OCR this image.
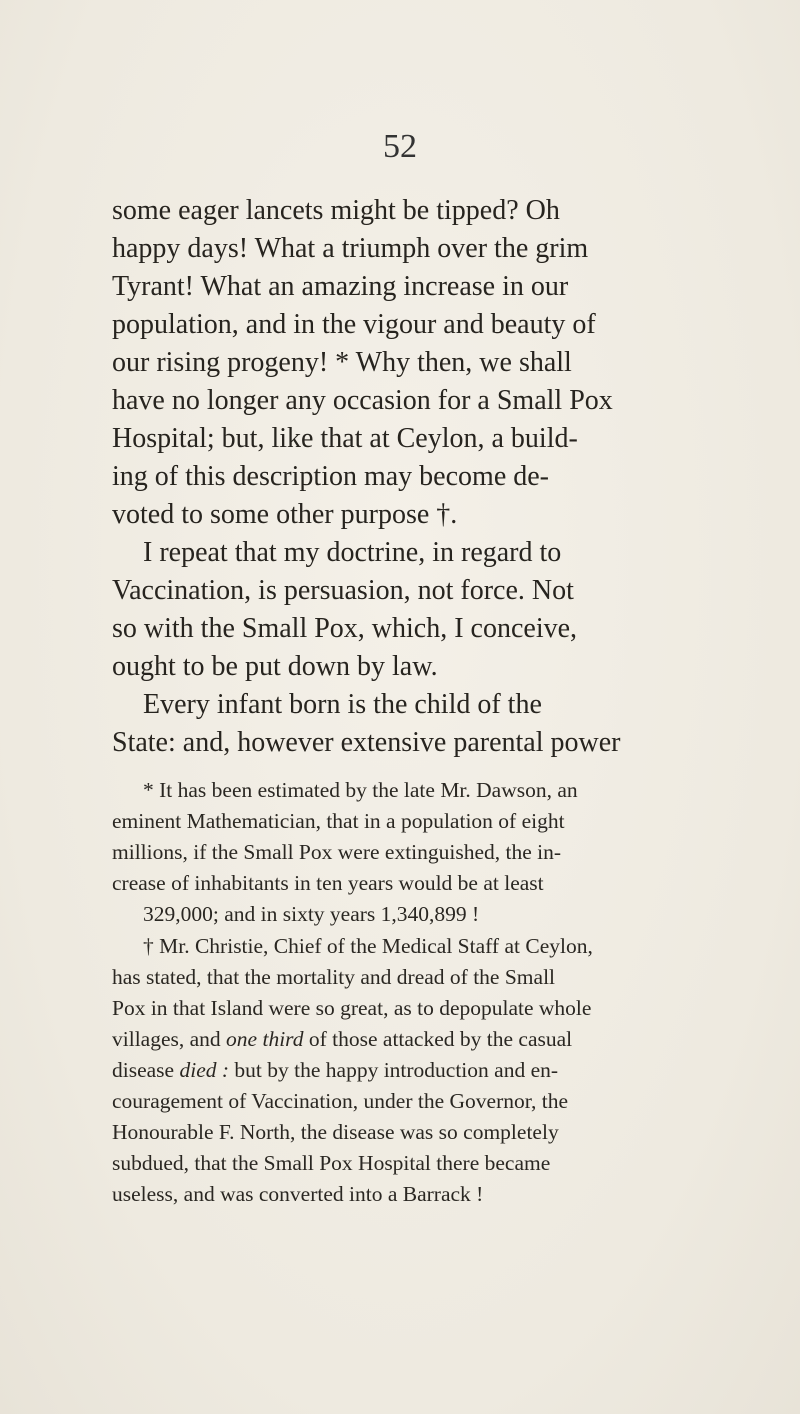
52
some eager lancets might be tipped? Oh
happy days! What a triumph over the grim
Tyrant! What an amazing increase in our
population, and in the vigour and beauty of
our rising progeny! * Why then, we shall
have no longer any occasion for a Small Pox
Hospital; but, like that at Ceylon, a build-
ing of this description may become de-
voted to some other purpose †.
I repeat that my doctrine, in regard to
Vaccination, is persuasion, not force. Not
so with the Small Pox, which, I conceive,
ought to be put down by law.
Every infant born is the child of the
State: and, however extensive parental power
* It has been estimated by the late Mr. Dawson, an
eminent Mathematician, that in a population of eight
millions, if the Small Pox were extinguished, the in-
crease of inhabitants in ten years would be at least
329,000; and in sixty years 1,340,899 !
† Mr. Christie, Chief of the Medical Staff at Ceylon,
has stated, that the mortality and dread of the Small
Pox in that Island were so great, as to depopulate whole
villages, and one third of those attacked by the casual
disease died : but by the happy introduction and en-
couragement of Vaccination, under the Governor, the
Honourable F. North, the disease was so completely
subdued, that the Small Pox Hospital there became
useless, and was converted into a Barrack !
